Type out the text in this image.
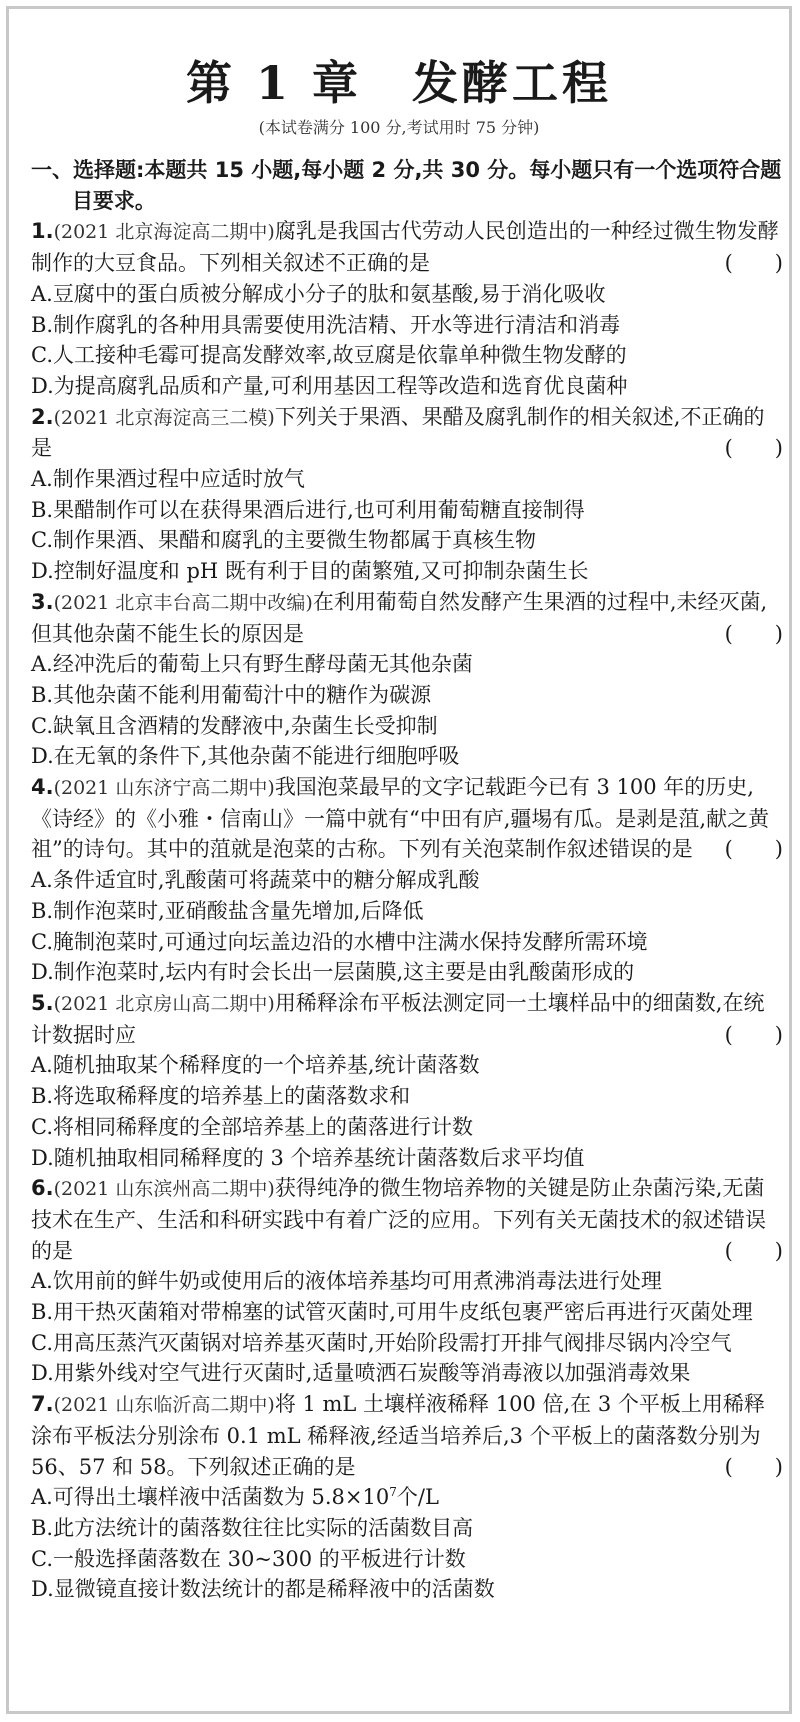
第 1 章　发酵工程
(本试卷满分 100 分,考试用时 75 分钟)
一、选择题:本题共 15 小题,每小题 2 分,共 30 分。每小题只有一个选项符合题目要求。
1.(2021 北京海淀高二期中)腐乳是我国古代劳动人民创造出的一种经过微生物发酵制作的大豆食品。下列相关叙述不正确的是	(　　)
A.豆腐中的蛋白质被分解成小分子的肽和氨基酸,易于消化吸收
B.制作腐乳的各种用具需要使用洗洁精、开水等进行清洁和消毒
C.人工接种毛霉可提高发酵效率,故豆腐是依靠单种微生物发酵的
D.为提高腐乳品质和产量,可利用基因工程等改造和选育优良菌种
2.(2021 北京海淀高三二模)下列关于果酒、果醋及腐乳制作的相关叙述,不正确的是	(　　)
A.制作果酒过程中应适时放气
B.果醋制作可以在获得果酒后进行,也可利用葡萄糖直接制得
C.制作果酒、果醋和腐乳的主要微生物都属于真核生物
D.控制好温度和 pH 既有利于目的菌繁殖,又可抑制杂菌生长
3.(2021 北京丰台高二期中改编)在利用葡萄自然发酵产生果酒的过程中,未经灭菌,但其他杂菌不能生长的原因是	(　　)
A.经冲洗后的葡萄上只有野生酵母菌无其他杂菌
B.其他杂菌不能利用葡萄汁中的糖作为碳源
C.缺氧且含酒精的发酵液中,杂菌生长受抑制
D.在无氧的条件下,其他杂菌不能进行细胞呼吸
4.(2021 山东济宁高二期中)我国泡菜最早的文字记载距今已有 3 100 年的历史,《诗经》的《小雅・信南山》一篇中就有“中田有庐,疆埸有瓜。是剥是菹,献之黄祖”的诗句。其中的菹就是泡菜的古称。下列有关泡菜制作叙述错误的是	(　　)
A.条件适宜时,乳酸菌可将蔬菜中的糖分解成乳酸
B.制作泡菜时,亚硝酸盐含量先增加,后降低
C.腌制泡菜时,可通过向坛盖边沿的水槽中注满水保持发酵所需环境
D.制作泡菜时,坛内有时会长出一层菌膜,这主要是由乳酸菌形成的
5.(2021 北京房山高二期中)用稀释涂布平板法测定同一土壤样品中的细菌数,在统计数据时应	(　　)
A.随机抽取某个稀释度的一个培养基,统计菌落数
B.将选取稀释度的培养基上的菌落数求和
C.将相同稀释度的全部培养基上的菌落进行计数
D.随机抽取相同稀释度的 3 个培养基统计菌落数后求平均值
6.(2021 山东滨州高二期中)获得纯净的微生物培养物的关键是防止杂菌污染,无菌技术在生产、生活和科研实践中有着广泛的应用。下列有关无菌技术的叙述错误的是	(　　)
A.饮用前的鲜牛奶或使用后的液体培养基均可用煮沸消毒法进行处理
B.用干热灭菌箱对带棉塞的试管灭菌时,可用牛皮纸包裹严密后再进行灭菌处理
C.用高压蒸汽灭菌锅对培养基灭菌时,开始阶段需打开排气阀排尽锅内冷空气
D.用紫外线对空气进行灭菌时,适量喷洒石炭酸等消毒液以加强消毒效果
7.(2021 山东临沂高二期中)将 1 mL 土壤样液稀释 100 倍,在 3 个平板上用稀释涂布平板法分别涂布 0.1 mL 稀释液,经适当培养后,3 个平板上的菌落数分别为 56、57 和 58。下列叙述正确的是	(　　)
A.可得出土壤样液中活菌数为 $5.8\times 10^7$个/L
B.此方法统计的菌落数往往比实际的活菌数目高
C.一般选择菌落数在 30~300 的平板进行计数
D.显微镜直接计数法统计的都是稀释液中的活菌数
